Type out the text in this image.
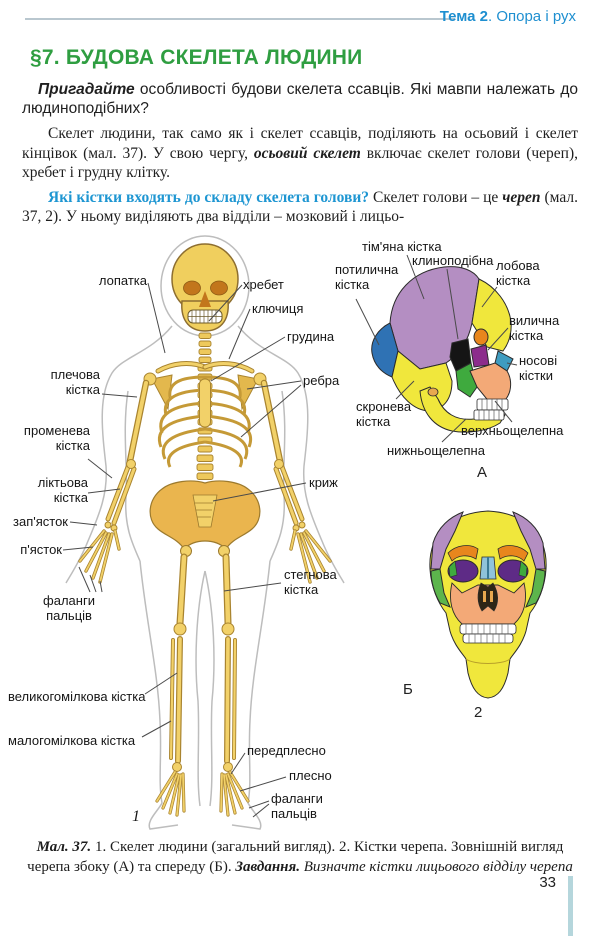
Тема 2. Опора і рух
§7. БУДОВА СКЕЛЕТА ЛЮДИНИ

Пригадайте особливості будови скелета ссавців. Які мавпи належать до людиноподібних?

Скелет людини, так само як і скелет ссавців, поділяють на осьовий і скелет кінцівок (мал. 37). У свою чергу, осьовий скелет включає скелет голови (череп), хребет і грудну клітку.

Які кістки входять до складу скелета голови? Скелет голови – це череп (мал. 37, 2). У ньому виділяють два відділи – мозковий і лицьо-

лопатка	хребет
ключиця
грудина
плечова кістка
ребра
променева кістка
ліктьова кістка
зап'ясток
п'ясток
криж
фаланги пальців
стегнова кістка
великогомілкова кістка
малогомілкова кістка
передплесно
плесно
фаланги пальців
1
тім'яна кістка
клиноподібна
потилична кістка
лобова кістка
вилична кістка
носові кістки
скронева кістка
верхньощелепна
нижньощелепна
А
Б
2
Мал. 37. 1. Скелет людини (загальний вигляд). 2. Кістки черепа. Зовнішній вигляд черепа збоку (А) та спереду (Б). Завдання. Визначте кістки лицьового відділу черепа
33
